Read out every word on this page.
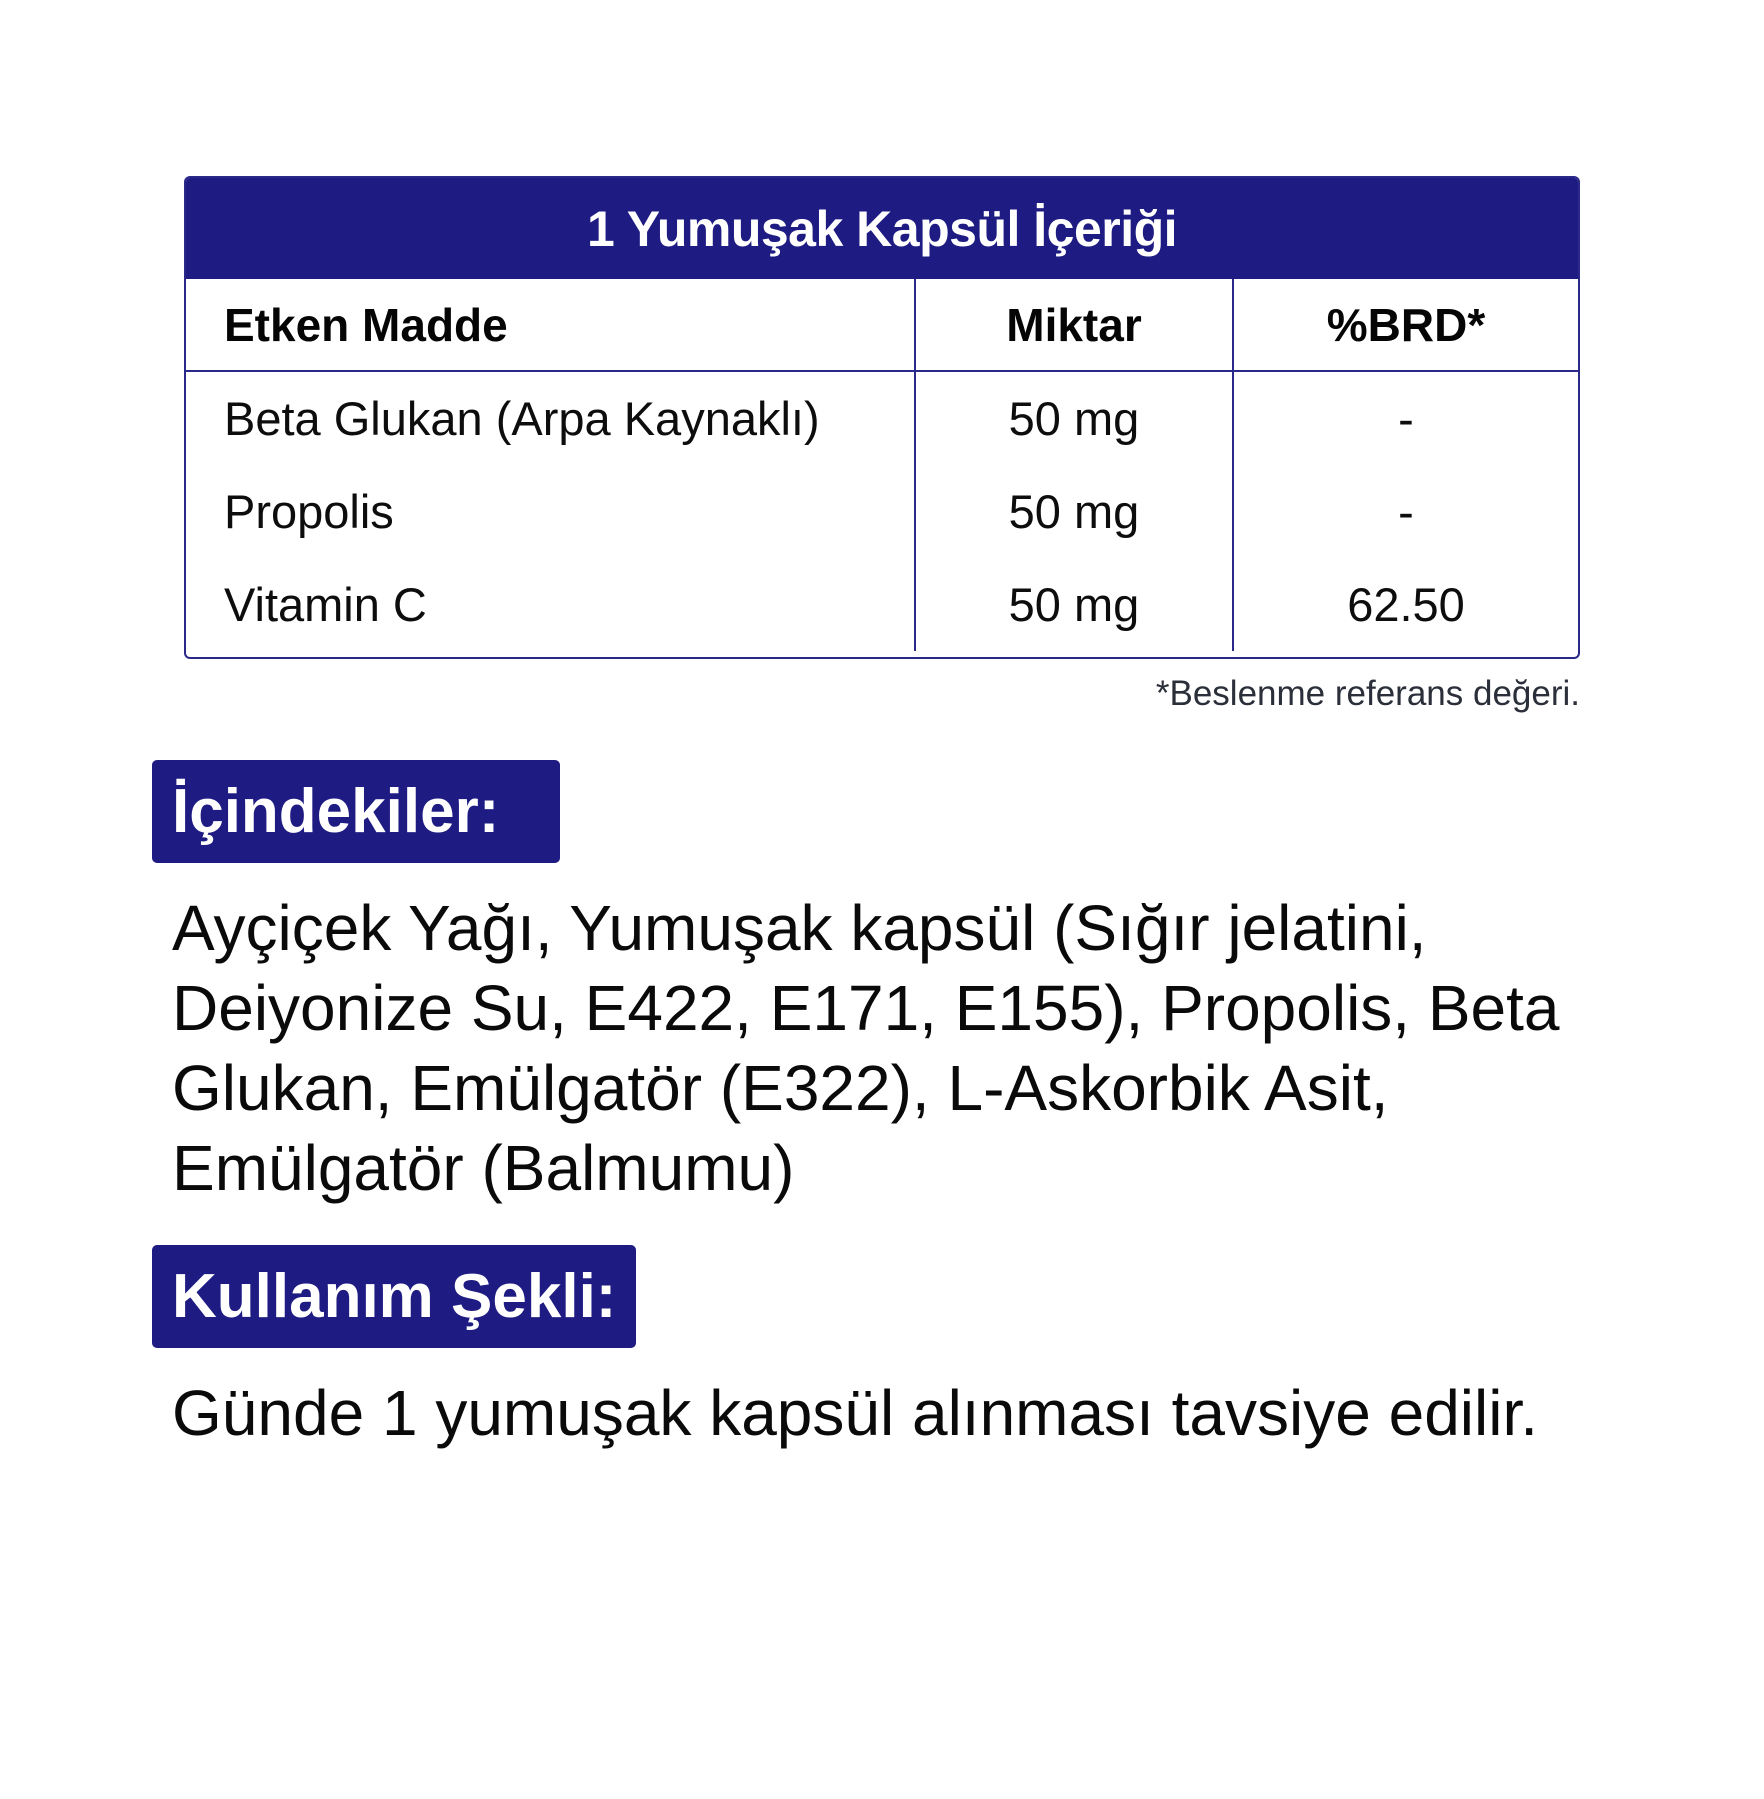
1 Yumuşak Kapsül İçeriği
Etken Madde	Miktar	%BRD*
Beta Glukan (Arpa Kaynaklı)	50 mg	-
Propolis	50 mg	-
Vitamin C	50 mg	62.50
*Beslenme referans değeri.
İçindekiler:

Ayçiçek Yağı, Yumuşak kapsül (Sığır jelatini, Deiyonize Su, E422, E171, E155), Propolis, Beta Glukan, Emülgatör (E322), L-Askorbik Asit, Emülgatör (Balmumu)

Kullanım Şekli:

Günde 1 yumuşak kapsül alınması tavsiye edilir.
